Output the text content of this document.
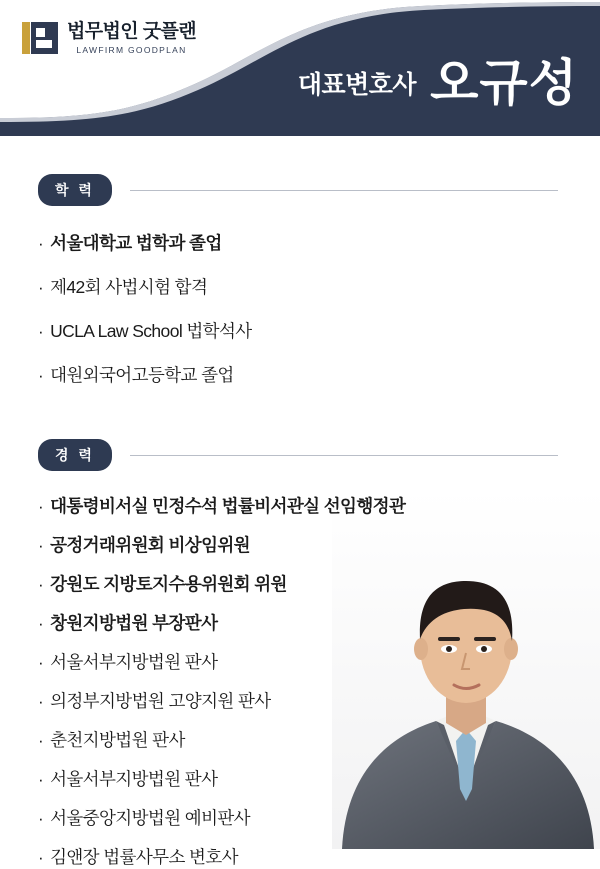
법무법인 굿플랜
LAWFIRM GOODPLAN
대표변호사 오규성
학 력
· 서울대학교 법학과 졸업
· 제42회 사법시험 합격
· UCLA Law School 법학석사
· 대원외국어고등학교 졸업
경 력
· 대통령비서실 민정수석 법률비서관실 선임행정관
· 공정거래위원회 비상임위원
· 강원도 지방토지수용위원회 위원
· 창원지방법원 부장판사
· 서울서부지방법원 판사
· 의정부지방법원 고양지원 판사
· 춘천지방법원 판사
· 서울서부지방법원 판사
· 서울중앙지방법원 예비판사
· 김앤장 법률사무소 변호사
